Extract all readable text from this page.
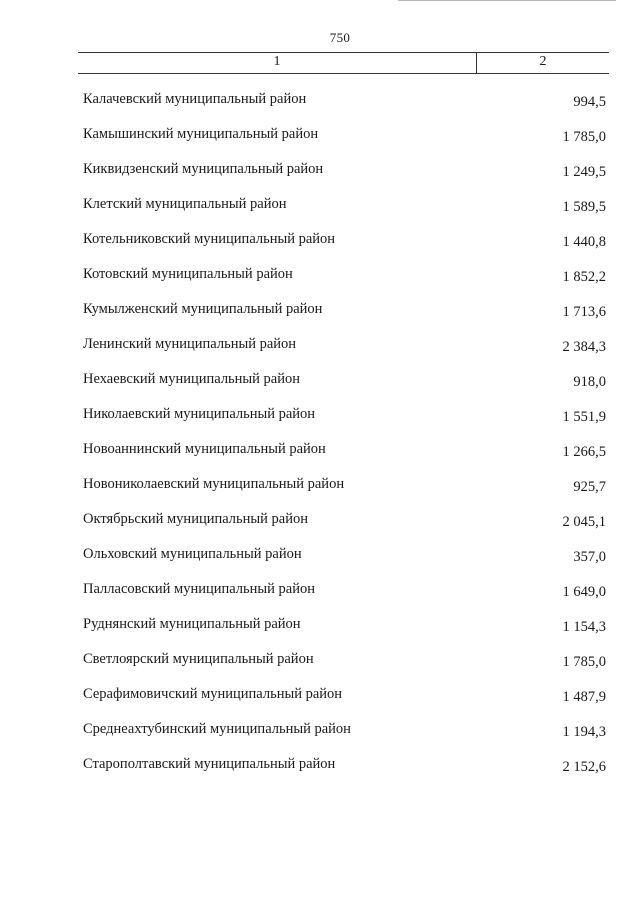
750
1	2
Калачевский муниципальный район	994,5
Камышинский муниципальный район	1 785,0
Киквидзенский муниципальный район	1 249,5
Клетский муниципальный район	1 589,5
Котельниковский муниципальный район	1 440,8
Котовский муниципальный район	1 852,2
Кумылженский муниципальный район	1 713,6
Ленинский муниципальный район	2 384,3
Нехаевский муниципальный район	918,0
Николаевский муниципальный район	1 551,9
Новоаннинский муниципальный район	1 266,5
Новониколаевский муниципальный район	925,7
Октябрьский муниципальный район	2 045,1
Ольховский муниципальный район	357,0
Палласовский муниципальный район	1 649,0
Руднянский муниципальный район	1 154,3
Светлоярский муниципальный район	1 785,0
Серафимовичский муниципальный район	1 487,9
Среднеахтубинский муниципальный район	1 194,3
Старополтавский муниципальный район	2 152,6
